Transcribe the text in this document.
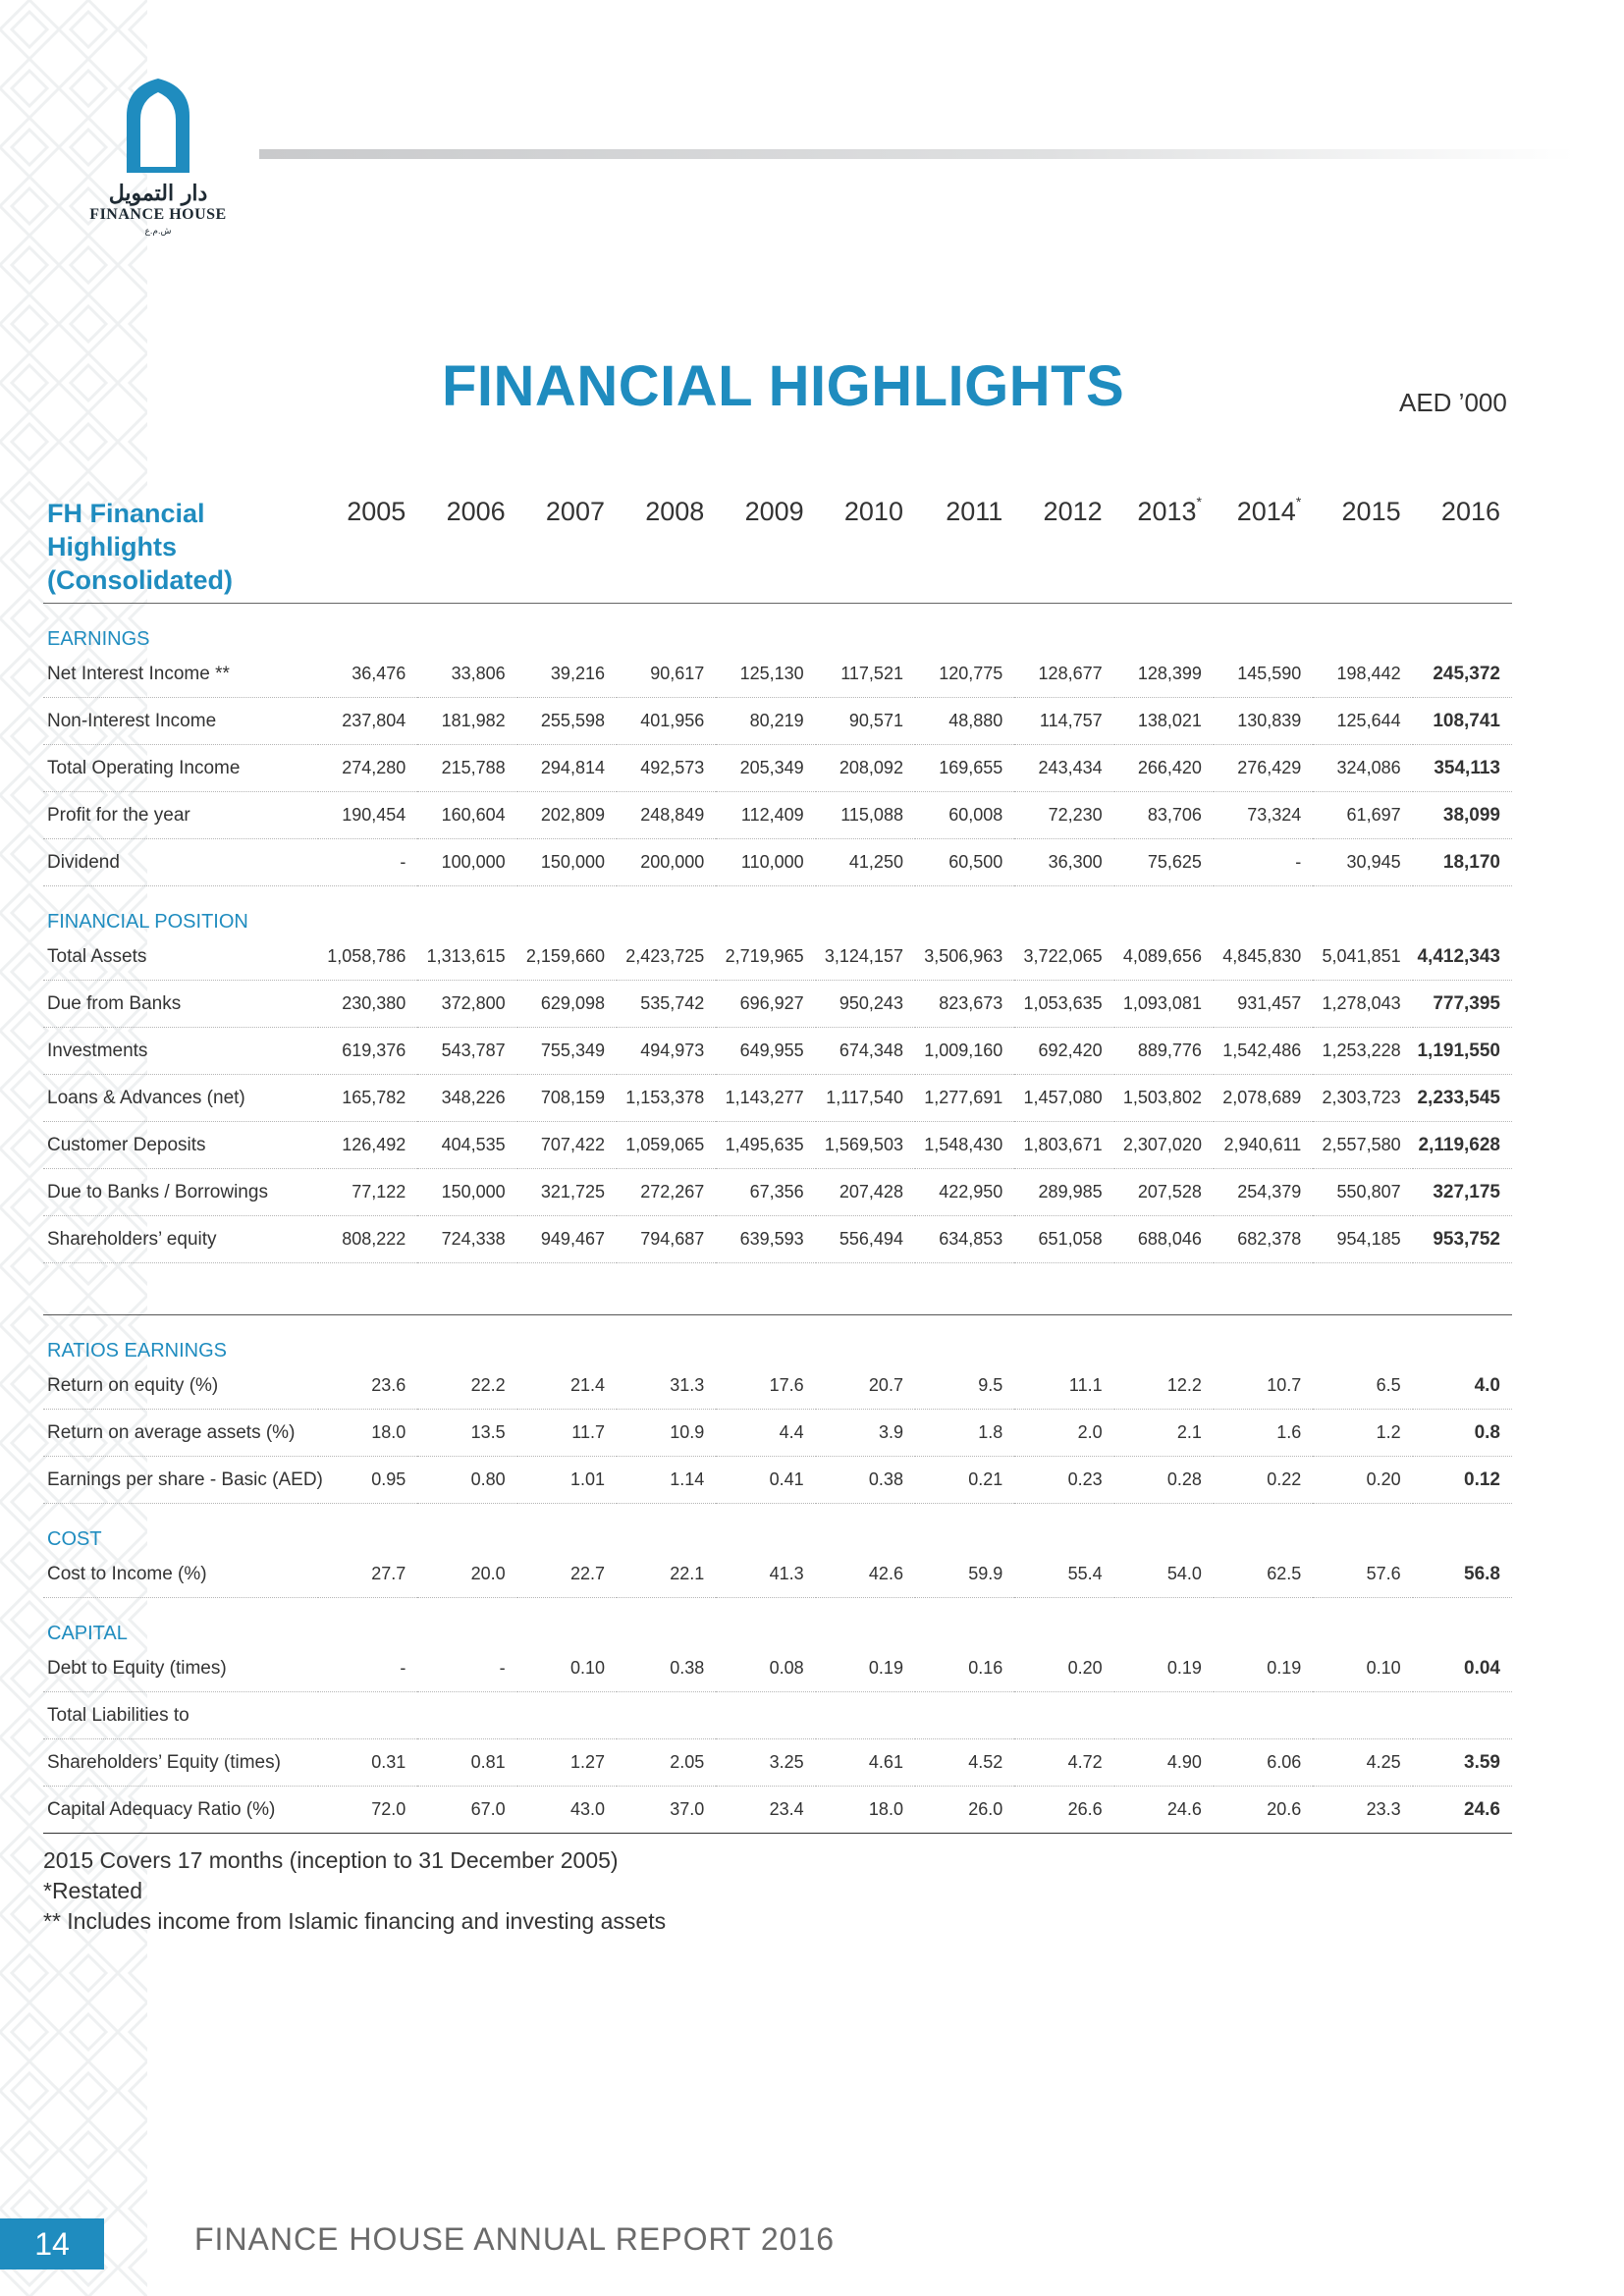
دار التمويل
FINANCE HOUSE
ش.م.ع
FINANCIAL HIGHLIGHTS	AED ’000
FH Financial Highlights (Consolidated)	2005	2006	2007	2008	2009	2010	2011	2012	2013*	2014*	2015	2016
EARNINGS												
Net Interest Income **	36,476	33,806	39,216	90,617	125,130	117,521	120,775	128,677	128,399	145,590	198,442	245,372
Non-Interest Income	237,804	181,982	255,598	401,956	80,219	90,571	48,880	114,757	138,021	130,839	125,644	108,741
Total Operating Income	274,280	215,788	294,814	492,573	205,349	208,092	169,655	243,434	266,420	276,429	324,086	354,113
Profit for the year	190,454	160,604	202,809	248,849	112,409	115,088	60,008	72,230	83,706	73,324	61,697	38,099
Dividend	-	100,000	150,000	200,000	110,000	41,250	60,500	36,300	75,625	-	30,945	18,170
FINANCIAL POSITION												
Total Assets	1,058,786	1,313,615	2,159,660	2,423,725	2,719,965	3,124,157	3,506,963	3,722,065	4,089,656	4,845,830	5,041,851	4,412,343
Due from Banks	230,380	372,800	629,098	535,742	696,927	950,243	823,673	1,053,635	1,093,081	931,457	1,278,043	777,395
Investments	619,376	543,787	755,349	494,973	649,955	674,348	1,009,160	692,420	889,776	1,542,486	1,253,228	1,191,550
Loans & Advances (net)	165,782	348,226	708,159	1,153,378	1,143,277	1,117,540	1,277,691	1,457,080	1,503,802	2,078,689	2,303,723	2,233,545
Customer Deposits	126,492	404,535	707,422	1,059,065	1,495,635	1,569,503	1,548,430	1,803,671	2,307,020	2,940,611	2,557,580	2,119,628
Due to Banks / Borrowings	77,122	150,000	321,725	272,267	67,356	207,428	422,950	289,985	207,528	254,379	550,807	327,175
Shareholders’ equity	808,222	724,338	949,467	794,687	639,593	556,494	634,853	651,058	688,046	682,378	954,185	953,752

RATIOS EARNINGS												
Return on equity (%)	23.6	22.2	21.4	31.3	17.6	20.7	9.5	11.1	12.2	10.7	6.5	4.0
Return on average assets (%)	18.0	13.5	11.7	10.9	4.4	3.9	1.8	2.0	2.1	1.6	1.2	0.8
Earnings per share - Basic (AED)	0.95	0.80	1.01	1.14	0.41	0.38	0.21	0.23	0.28	0.22	0.20	0.12
COST												
Cost to Income (%)	27.7	20.0	22.7	22.1	41.3	42.6	59.9	55.4	54.0	62.5	57.6	56.8
CAPITAL												
Debt to Equity (times)	-	-	0.10	0.38	0.08	0.19	0.16	0.20	0.19	0.19	0.10	0.04
Total Liabilities to												
Shareholders’ Equity (times)	0.31	0.81	1.27	2.05	3.25	4.61	4.52	4.72	4.90	6.06	4.25	3.59
Capital Adequacy Ratio (%)	72.0	67.0	43.0	37.0	23.4	18.0	26.0	26.6	24.6	20.6	23.3	24.6
2015 Covers 17 months (inception to 31 December 2005)
*Restated
** Includes income from Islamic financing and investing assets
14	FINANCE HOUSE ANNUAL REPORT 2016
